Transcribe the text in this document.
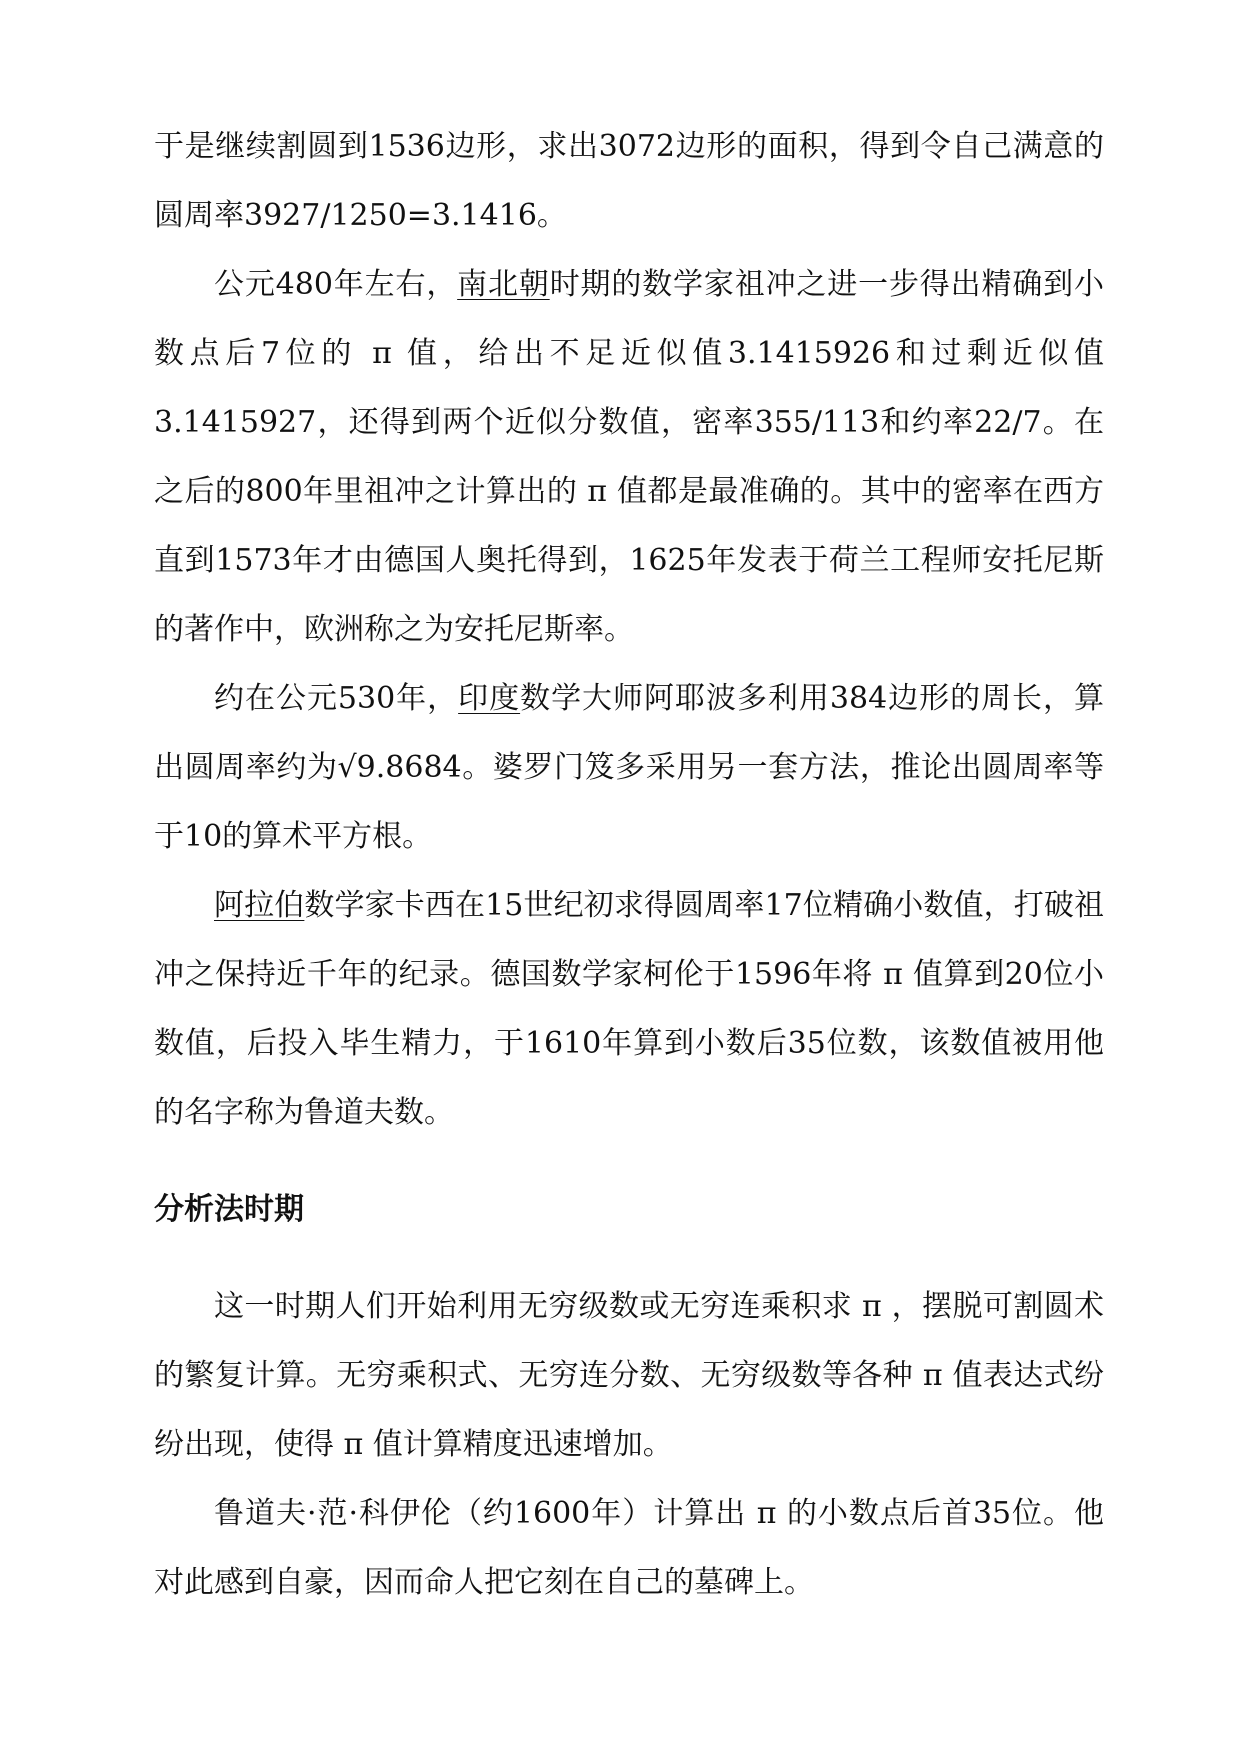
于是继续割圆到1536边形，求出3072边形的面积，得到令自己满意的圆周率3927/1250=3.1416。

公元480年左右，南北朝时期的数学家祖冲之进一步得出精确到小数点后7位的 π 值，给出不足近似值3.1415926和过剩近似值3.1415927，还得到两个近似分数值，密率355/113和约率22/7。在之后的800年里祖冲之计算出的 π 值都是最准确的。其中的密率在西方直到1573年才由德国人奥托得到，1625年发表于荷兰工程师安托尼斯的著作中，欧洲称之为安托尼斯率。

约在公元530年，印度数学大师阿耶波多利用384边形的周长，算出圆周率约为√9.8684。婆罗门笈多采用另一套方法，推论出圆周率等于10的算术平方根。

阿拉伯数学家卡西在15世纪初求得圆周率17位精确小数值，打破祖冲之保持近千年的纪录。德国数学家柯伦于1596年将 π 值算到20位小数值，后投入毕生精力，于1610年算到小数后35位数，该数值被用他的名字称为鲁道夫数。

分析法时期

这一时期人们开始利用无穷级数或无穷连乘积求 π ，摆脱可割圆术的繁复计算。无穷乘积式、无穷连分数、无穷级数等各种 π 值表达式纷纷出现，使得 π 值计算精度迅速增加。

鲁道夫·范·科伊伦（约1600年）计算出 π 的小数点后首35位。他对此感到自豪，因而命人把它刻在自己的墓碑上。
